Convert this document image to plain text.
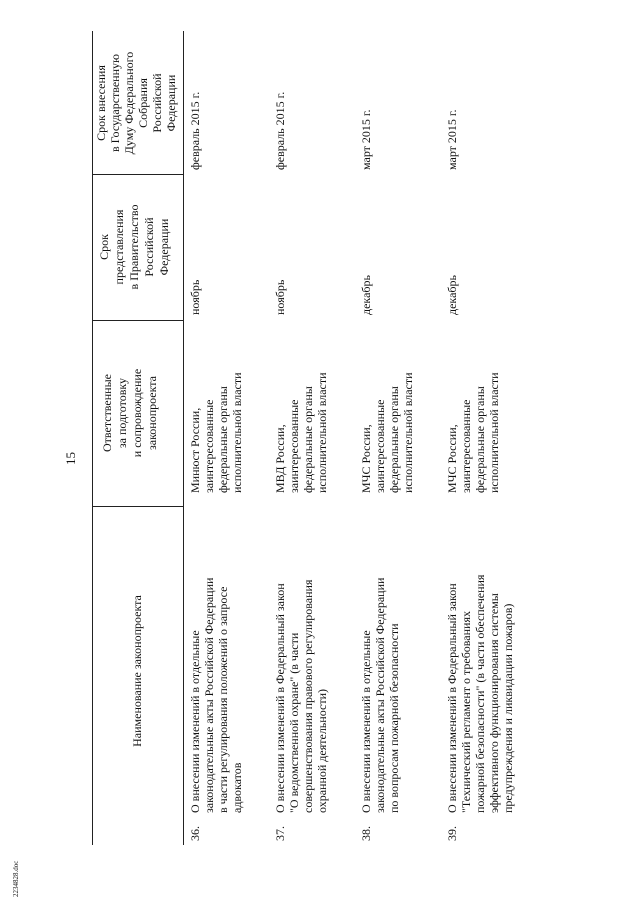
2234828.doc
15
Наименование законопроекта
Ответственные за подготовку и сопровождение законопроекта
Срок представления в Правительство Российской Федерации
Срок внесения в Государственную Думу Федерального Собрания Российской Федерации
36.
О внесении изменений в отдельные законодательные акты Российской Федерации в части регулирования положений о запросе адвокатов
Минюст России, заинтересованные федеральные органы исполнительной власти
ноябрь
февраль 2015 г.
37.
О внесении изменений в Федеральный закон "О ведомственной охране" (в части совершенствования правового регулирования охранной деятельности)
МВД России, заинтересованные федеральные органы исполнительной власти
ноябрь
февраль 2015 г.
38.
О внесении изменений в отдельные законодательные акты Российской Федерации по вопросам пожарной безопасности
МЧС России, заинтересованные федеральные органы исполнительной власти
декабрь
март 2015 г.
39.
О внесении изменений в Федеральный закон "Технический регламент о требованиях пожарной безопасности" (в части обеспечения эффективного функционирования системы предупреждения и ликвидации пожаров)
МЧС России, заинтересованные федеральные органы исполнительной власти
декабрь
март 2015 г.
